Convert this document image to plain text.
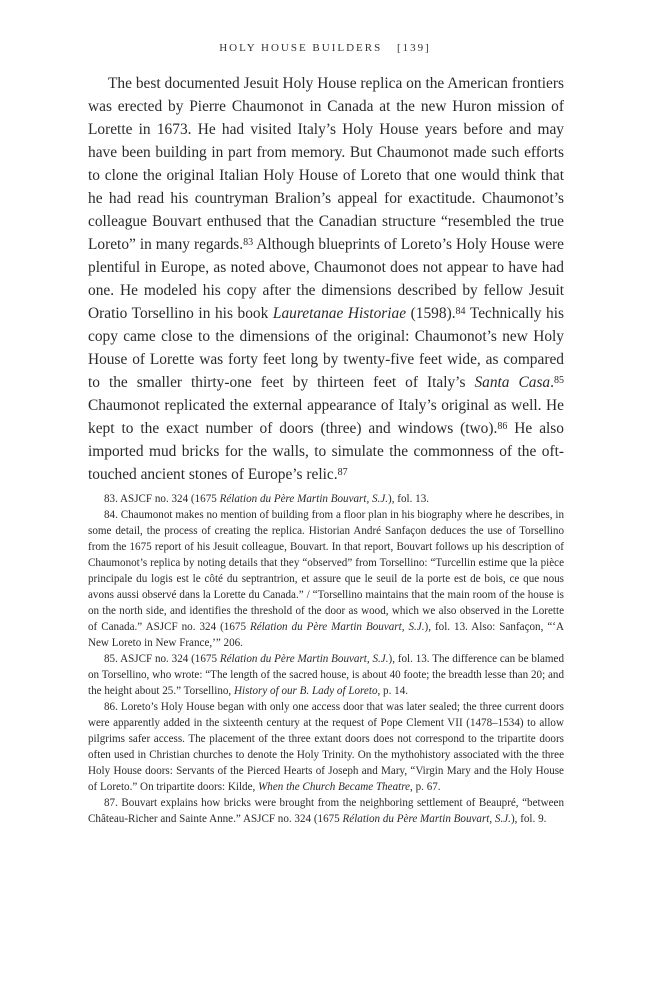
HOLY HOUSE BUILDERS [139]

The best documented Jesuit Holy House replica on the American frontiers was erected by Pierre Chaumonot in Canada at the new Huron mission of Lorette in 1673. He had visited Italy’s Holy House years before and may have been building in part from memory. But Chaumonot made such efforts to clone the original Italian Holy House of Loreto that one would think that he had read his countryman Bralion’s appeal for exactitude. Chaumonot’s colleague Bouvart enthused that the Canadian structure “resembled the true Loreto” in many regards.$^{83}$ Although blueprints of Loreto’s Holy House were plentiful in Europe, as noted above, Chaumonot does not appear to have had one. He modeled his copy after the dimensions described by fellow Jesuit Oratio Torsellino in his book Lauretanae Historiae (1598).$^{84}$ Technically his copy came close to the dimensions of the original: Chaumonot’s new Holy House of Lorette was forty feet long by twenty-five feet wide, as compared to the smaller thirty-one feet by thirteen feet of Italy’s Santa Casa.$^{85}$ Chaumonot replicated the external appearance of Italy’s original as well. He kept to the exact number of doors (three) and windows (two).$^{86}$ He also imported mud bricks for the walls, to simulate the commonness of the oft-touched ancient stones of Europe’s relic.$^{87}$

83. ASJCF no. 324 (1675 Rélation du Père Martin Bouvart, S.J.), fol. 13.

84. Chaumonot makes no mention of building from a floor plan in his biography where he describes, in some detail, the process of creating the replica. Historian André Sanfaçon deduces the use of Torsellino from the 1675 report of his Jesuit colleague, Bouvart. In that report, Bouvart follows up his description of Chaumonot’s replica by noting details that they “observed” from Torsellino: “Turcellin estime que la pièce principale du logis est le côté du septrantrion, et assure que le seuil de la porte est de bois, ce que nous avons aussi observé dans la Lorette du Canada.” / “Torsellino maintains that the main room of the house is on the north side, and identifies the threshold of the door as wood, which we also observed in the Lorette of Canada.” ASJCF no. 324 (1675 Rélation du Père Martin Bouvart, S.J.), fol. 13. Also: Sanfaçon, “‘A New Loreto in New France,’” 206.

85. ASJCF no. 324 (1675 Rélation du Père Martin Bouvart, S.J.), fol. 13. The difference can be blamed on Torsellino, who wrote: “The length of the sacred house, is about 40 foote; the breadth lesse than 20; and the height about 25.” Torsellino, History of our B. Lady of Loreto, p. 14.

86. Loreto’s Holy House began with only one access door that was later sealed; the three current doors were apparently added in the sixteenth century at the request of Pope Clement VII (1478–1534) to allow pilgrims safer access. The placement of the three extant doors does not correspond to the tripartite doors often used in Christian churches to denote the Holy Trinity. On the mythohistory associated with the three Holy House doors: Servants of the Pierced Hearts of Joseph and Mary, “Virgin Mary and the Holy House of Loreto.” On tripartite doors: Kilde, When the Church Became Theatre, p. 67.

87. Bouvart explains how bricks were brought from the neighboring settlement of Beaupré, “between Château-Richer and Sainte Anne.” ASJCF no. 324 (1675 Rélation du Père Martin Bouvart, S.J.), fol. 9.
